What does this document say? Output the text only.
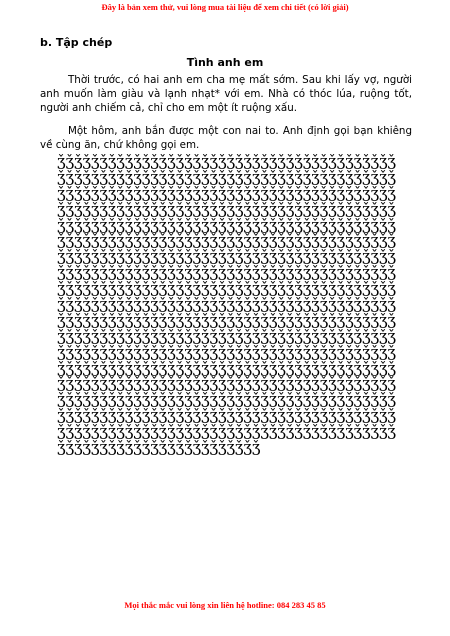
Đây là bản xem thử, vui lòng mua tài liệu để xem chi tiết (có lời giải)
b. Tập chép
Tình anh em

Thời trước, có hai anh em cha mẹ mất sớm. Sau khi lấy vợ, người anh muốn làm giàu và lạnh nhạt* với em. Nhà có thóc lúa, ruộng tốt, người anh chiếm cả, chỉ cho em một ít ruộng xấu.

Một hôm, anh bắn được một con nai to. Anh định gọi bạn khiêng về cùng ăn, chứ không gọi em.

ǯǯǯǯǯǯǯǯǯǯǯǯǯǯǯǯǯǯǯǯǯǯǯǯǯǯǯǯǯǯǯǯǯǯǯǯǯǯǯǯ
ǯǯǯǯǯǯǯǯǯǯǯǯǯǯǯǯǯǯǯǯǯǯǯǯǯǯǯǯǯǯǯǯǯǯǯǯǯǯǯǯ
ǯǯǯǯǯǯǯǯǯǯǯǯǯǯǯǯǯǯǯǯǯǯǯǯǯǯǯǯǯǯǯǯǯǯǯǯǯǯǯǯ
ǯǯǯǯǯǯǯǯǯǯǯǯǯǯǯǯǯǯǯǯǯǯǯǯǯǯǯǯǯǯǯǯǯǯǯǯǯǯǯǯ
ǯǯǯǯǯǯǯǯǯǯǯǯǯǯǯǯǯǯǯǯǯǯǯǯǯǯǯǯǯǯǯǯǯǯǯǯǯǯǯǯ
ǯǯǯǯǯǯǯǯǯǯǯǯǯǯǯǯǯǯǯǯǯǯǯǯǯǯǯǯǯǯǯǯǯǯǯǯǯǯǯǯ
ǯǯǯǯǯǯǯǯǯǯǯǯǯǯǯǯǯǯǯǯǯǯǯǯǯǯǯǯǯǯǯǯǯǯǯǯǯǯǯǯ
ǯǯǯǯǯǯǯǯǯǯǯǯǯǯǯǯǯǯǯǯǯǯǯǯǯǯǯǯǯǯǯǯǯǯǯǯǯǯǯǯ
ǯǯǯǯǯǯǯǯǯǯǯǯǯǯǯǯǯǯǯǯǯǯǯǯǯǯǯǯǯǯǯǯǯǯǯǯǯǯǯǯ
ǯǯǯǯǯǯǯǯǯǯǯǯǯǯǯǯǯǯǯǯǯǯǯǯǯǯǯǯǯǯǯǯǯǯǯǯǯǯǯǯ
ǯǯǯǯǯǯǯǯǯǯǯǯǯǯǯǯǯǯǯǯǯǯǯǯǯǯǯǯǯǯǯǯǯǯǯǯǯǯǯǯ
ǯǯǯǯǯǯǯǯǯǯǯǯǯǯǯǯǯǯǯǯǯǯǯǯǯǯǯǯǯǯǯǯǯǯǯǯǯǯǯǯ
ǯǯǯǯǯǯǯǯǯǯǯǯǯǯǯǯǯǯǯǯǯǯǯǯǯǯǯǯǯǯǯǯǯǯǯǯǯǯǯǯ
ǯǯǯǯǯǯǯǯǯǯǯǯǯǯǯǯǯǯǯǯǯǯǯǯǯǯǯǯǯǯǯǯǯǯǯǯǯǯǯǯ
ǯǯǯǯǯǯǯǯǯǯǯǯǯǯǯǯǯǯǯǯǯǯǯǯǯǯǯǯǯǯǯǯǯǯǯǯǯǯǯǯ
ǯǯǯǯǯǯǯǯǯǯǯǯǯǯǯǯǯǯǯǯǯǯǯǯǯǯǯǯǯǯǯǯǯǯǯǯǯǯǯǯ
ǯǯǯǯǯǯǯǯǯǯǯǯǯǯǯǯǯǯǯǯǯǯǯǯǯǯǯǯǯǯǯǯǯǯǯǯǯǯǯǯ
ǯǯǯǯǯǯǯǯǯǯǯǯǯǯǯǯǯǯǯǯǯǯǯǯǯǯǯǯǯǯǯǯǯǯǯǯǯǯǯǯ
ǯǯǯǯǯǯǯǯǯǯǯǯǯǯǯǯǯǯǯǯǯǯǯǯ
Mọi thắc mắc vui lòng xin liên hệ hotline: 084 283 45 85
